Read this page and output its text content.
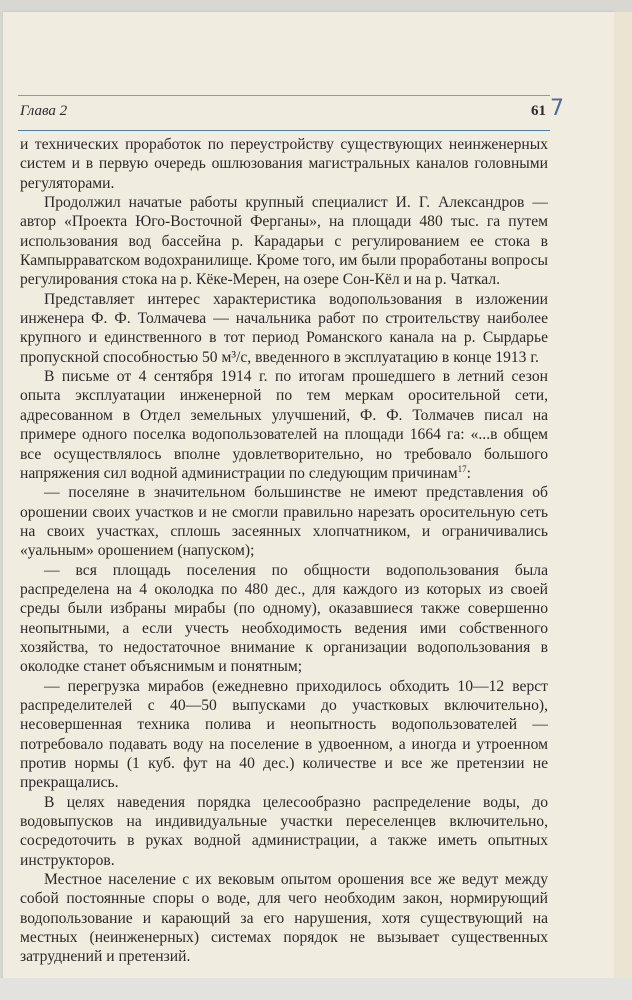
Глава 2	61 7

и технических проработок по переустройству существующих неинженерных систем и в первую очередь ошлюзования магистральных каналов головными регуляторами.

Продолжил начатые работы крупный специалист И. Г. Александров — автор «Проекта Юго-Восточной Ферганы», на площади 480 тыс. га путем использования вод бассейна р. Карадарьи с регулированием ее стока в Кампырраватском водохранилище. Кроме того, им были проработаны вопросы регулирования стока на р. Кёке-Мерен, на озере Сон-Кёл и на р. Чаткал.

Представляет интерес характеристика водопользования в изложении инженера Ф. Ф. Толмачева — начальника работ по строительству наиболее крупного и единственного в тот период Романского канала на р. Сырдарье пропускной способностью 50 м³/с, введенного в эксплуатацию в конце 1913 г.

В письме от 4 сентября 1914 г. по итогам прошедшего в летний сезон опыта эксплуатации инженерной по тем меркам оросительной сети, адресованном в Отдел земельных улучшений, Ф. Ф. Толмачев писал на примере одного поселка водопользователей на площади 1664 га: «...в общем все осуществлялось вполне удовлетворительно, но требовало большого напряжения сил водной администрации по следующим причинам$^{17}$:

— поселяне в значительном большинстве не имеют представления об орошении своих участков и не смогли правильно нарезать оросительную сеть на своих участках, сплошь засеянных хлопчатником, и ограничивались «уальным» орошением (напуском);

— вся площадь поселения по общности водопользования была распределена на 4 околодка по 480 дес., для каждого из которых из своей среды были избраны мирабы (по одному), оказавшиеся также совершенно неопытными, а если учесть необходимость ведения ими собственного хозяйства, то недостаточное внимание к организации водопользования в околодке станет объяснимым и понятным;

— перегрузка мирабов (ежедневно приходилось обходить 10—12 верст распределителей с 40—50 выпусками до участковых включительно), несовершенная техника полива и неопытность водопользователей — потребовало подавать воду на поселение в удвоенном, а иногда и утроенном против нормы (1 куб. фут на 40 дес.) количестве и все же претензии не прекращались.

В целях наведения порядка целесообразно распределение воды, до водовыпусков на индивидуальные участки переселенцев включительно, сосредоточить в руках водной администрации, а также иметь опытных инструкторов.

Местное население с их вековым опытом орошения все же ведут между собой постоянные споры о воде, для чего необходим закон, нормирующий водопользование и карающий за его нарушения, хотя существующий на местных (неинженерных) системах порядок не вызывает существенных затруднений и претензий.
